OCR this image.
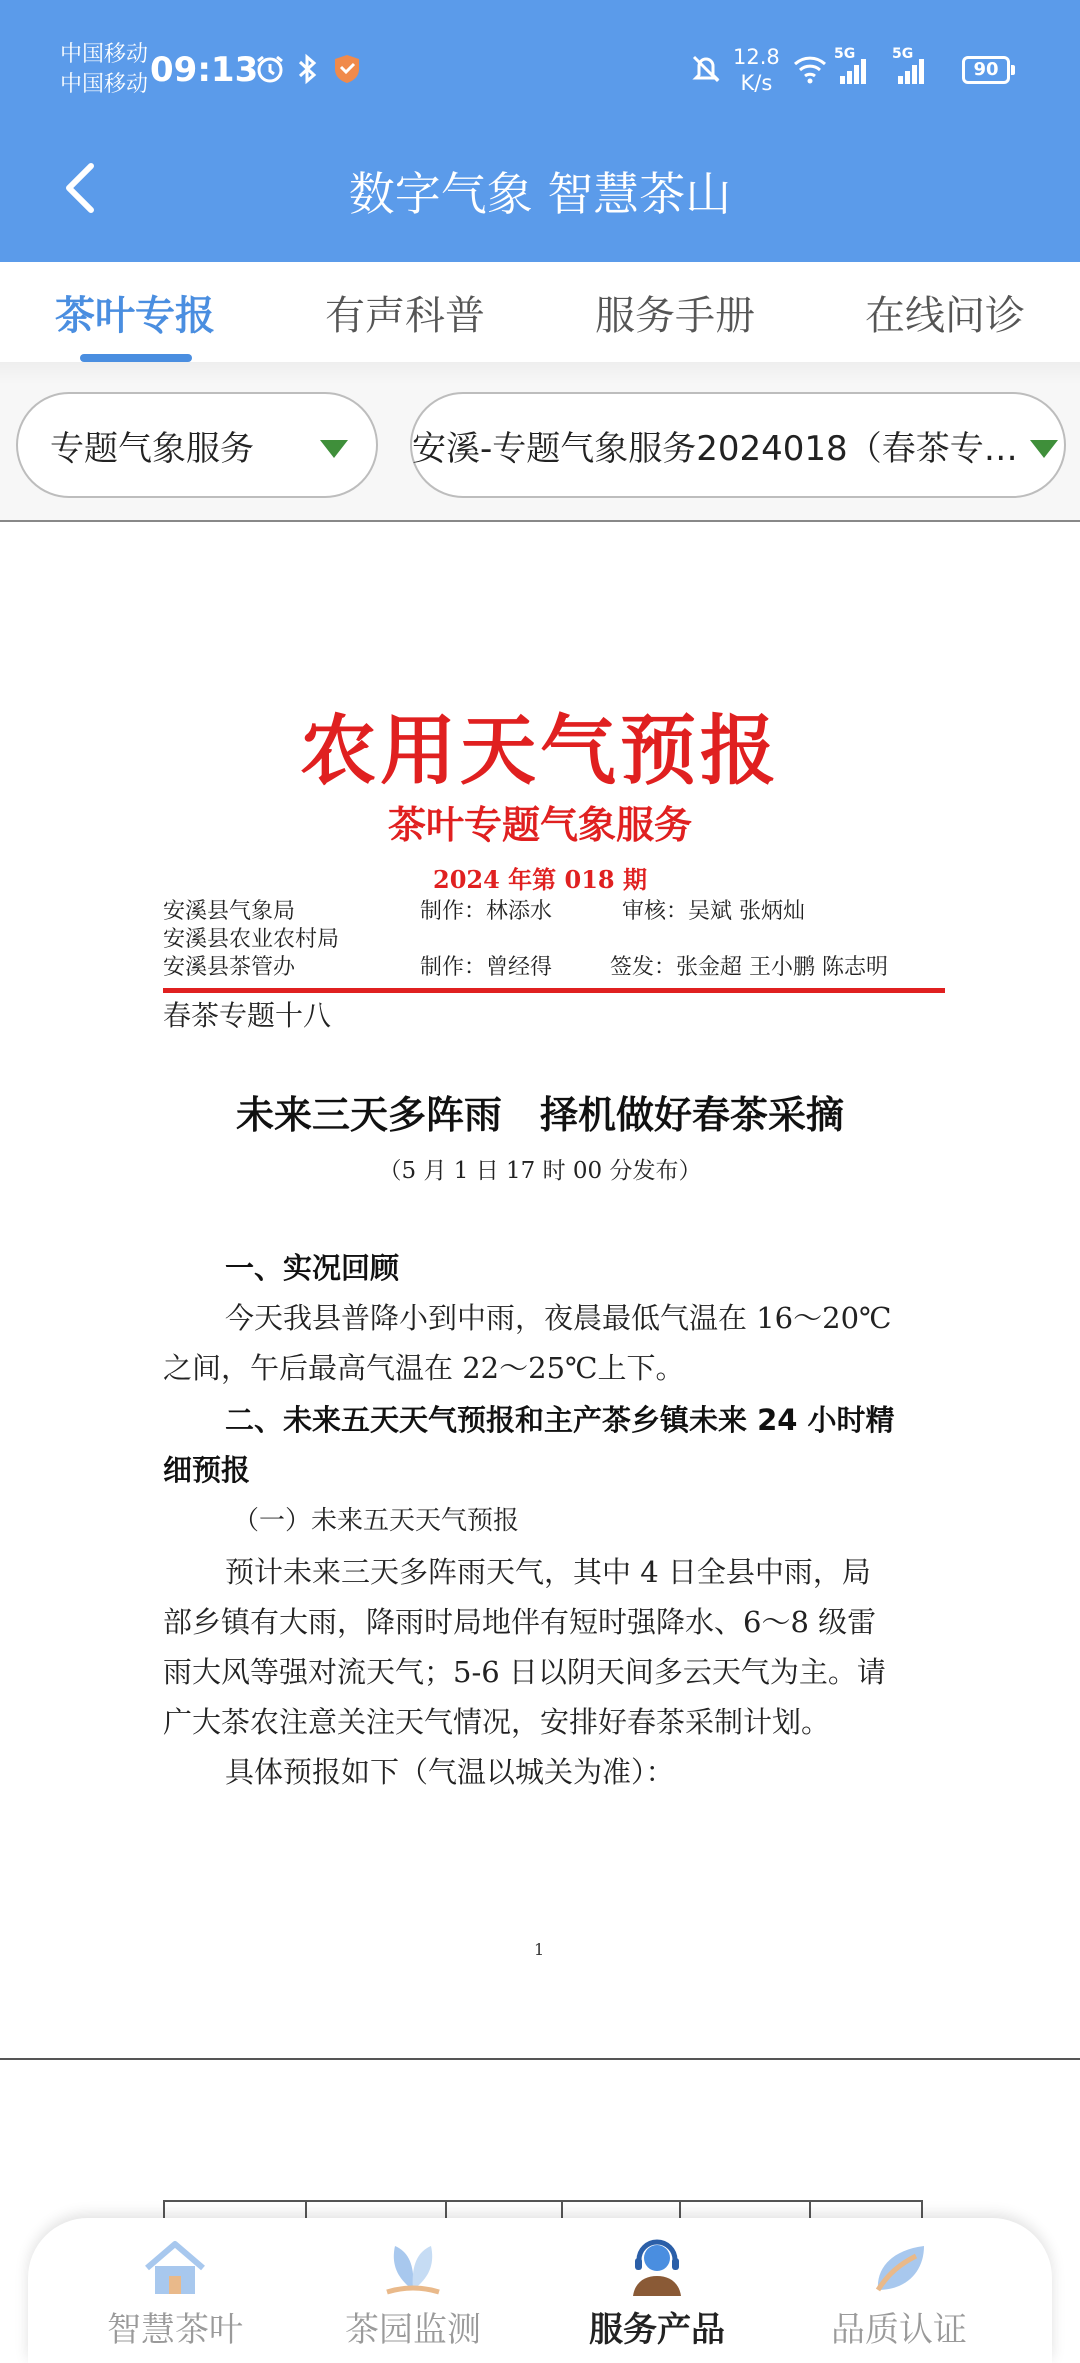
中国移动
中国移动 09:13	12.8
K/s
5G	5G
90
数字气象 智慧茶山
茶叶专报	有声科普	服务手册	在线问诊
专题气象服务	安溪-专题气象服务2024018（春茶专…
农用天气预报
茶叶专题气象服务
2024 年第 018 期
安溪县气象局
安溪县农业农村局
安溪县茶管办
制作：林添水	审核：吴斌 张炳灿
制作：曾经得	签发：张金超 王小鹏 陈志明
春茶专题十八
未来三天多阵雨　择机做好春茶采摘
（5 月 1 日 17 时 00 分发布）
一、实况回顾
今天我县普降小到中雨，夜晨最低气温在 16～20℃
之间，午后最高气温在 22～25℃上下。
二、未来五天天气预报和主产茶乡镇未来 24 小时精
细预报
（一）未来五天天气预报
预计未来三天多阵雨天气，其中 4 日全县中雨，局
部乡镇有大雨，降雨时局地伴有短时强降水、6～8 级雷
雨大风等强对流天气；5-6 日以阴天间多云天气为主。请
广大茶农注意关注天气情况，安排好春茶采制计划。
具体预报如下（气温以城关为准）：
1
智慧茶叶	茶园监测	服务产品	品质认证
